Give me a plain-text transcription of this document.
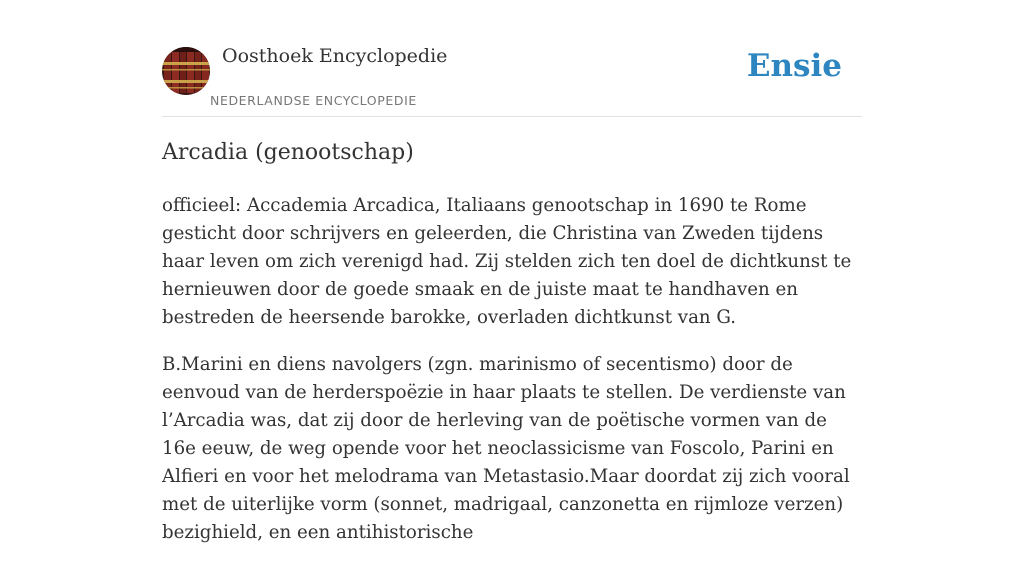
Oosthoek Encyclopedie
NEDERLANDSE ENCYCLOPEDIE
Ensie
Arcadia (genootschap)

officieel: Accademia Arcadica, Italiaans genootschap in 1690 te Rome gesticht door schrijvers en geleerden, die Christina van Zweden tijdens haar leven om zich verenigd had. Zij stelden zich ten doel de dichtkunst te hernieuwen door de goede smaak en de juiste maat te handhaven en bestreden de heersende barokke, overladen dichtkunst van G.

B.Marini en diens navolgers (zgn. marinismo of secentismo) door de eenvoud van de herderspoëzie in haar plaats te stellen. De verdienste van l’Arcadia was, dat zij door de herleving van de poëtische vormen van de 16e eeuw, de weg opende voor het neoclassicisme van Foscolo, Parini en Alfieri en voor het melodrama van Metastasio.Maar doordat zij zich vooral met de uiterlijke vorm (sonnet, madrigaal, canzonetta en rijmloze verzen) bezighield, en een antihistorische
